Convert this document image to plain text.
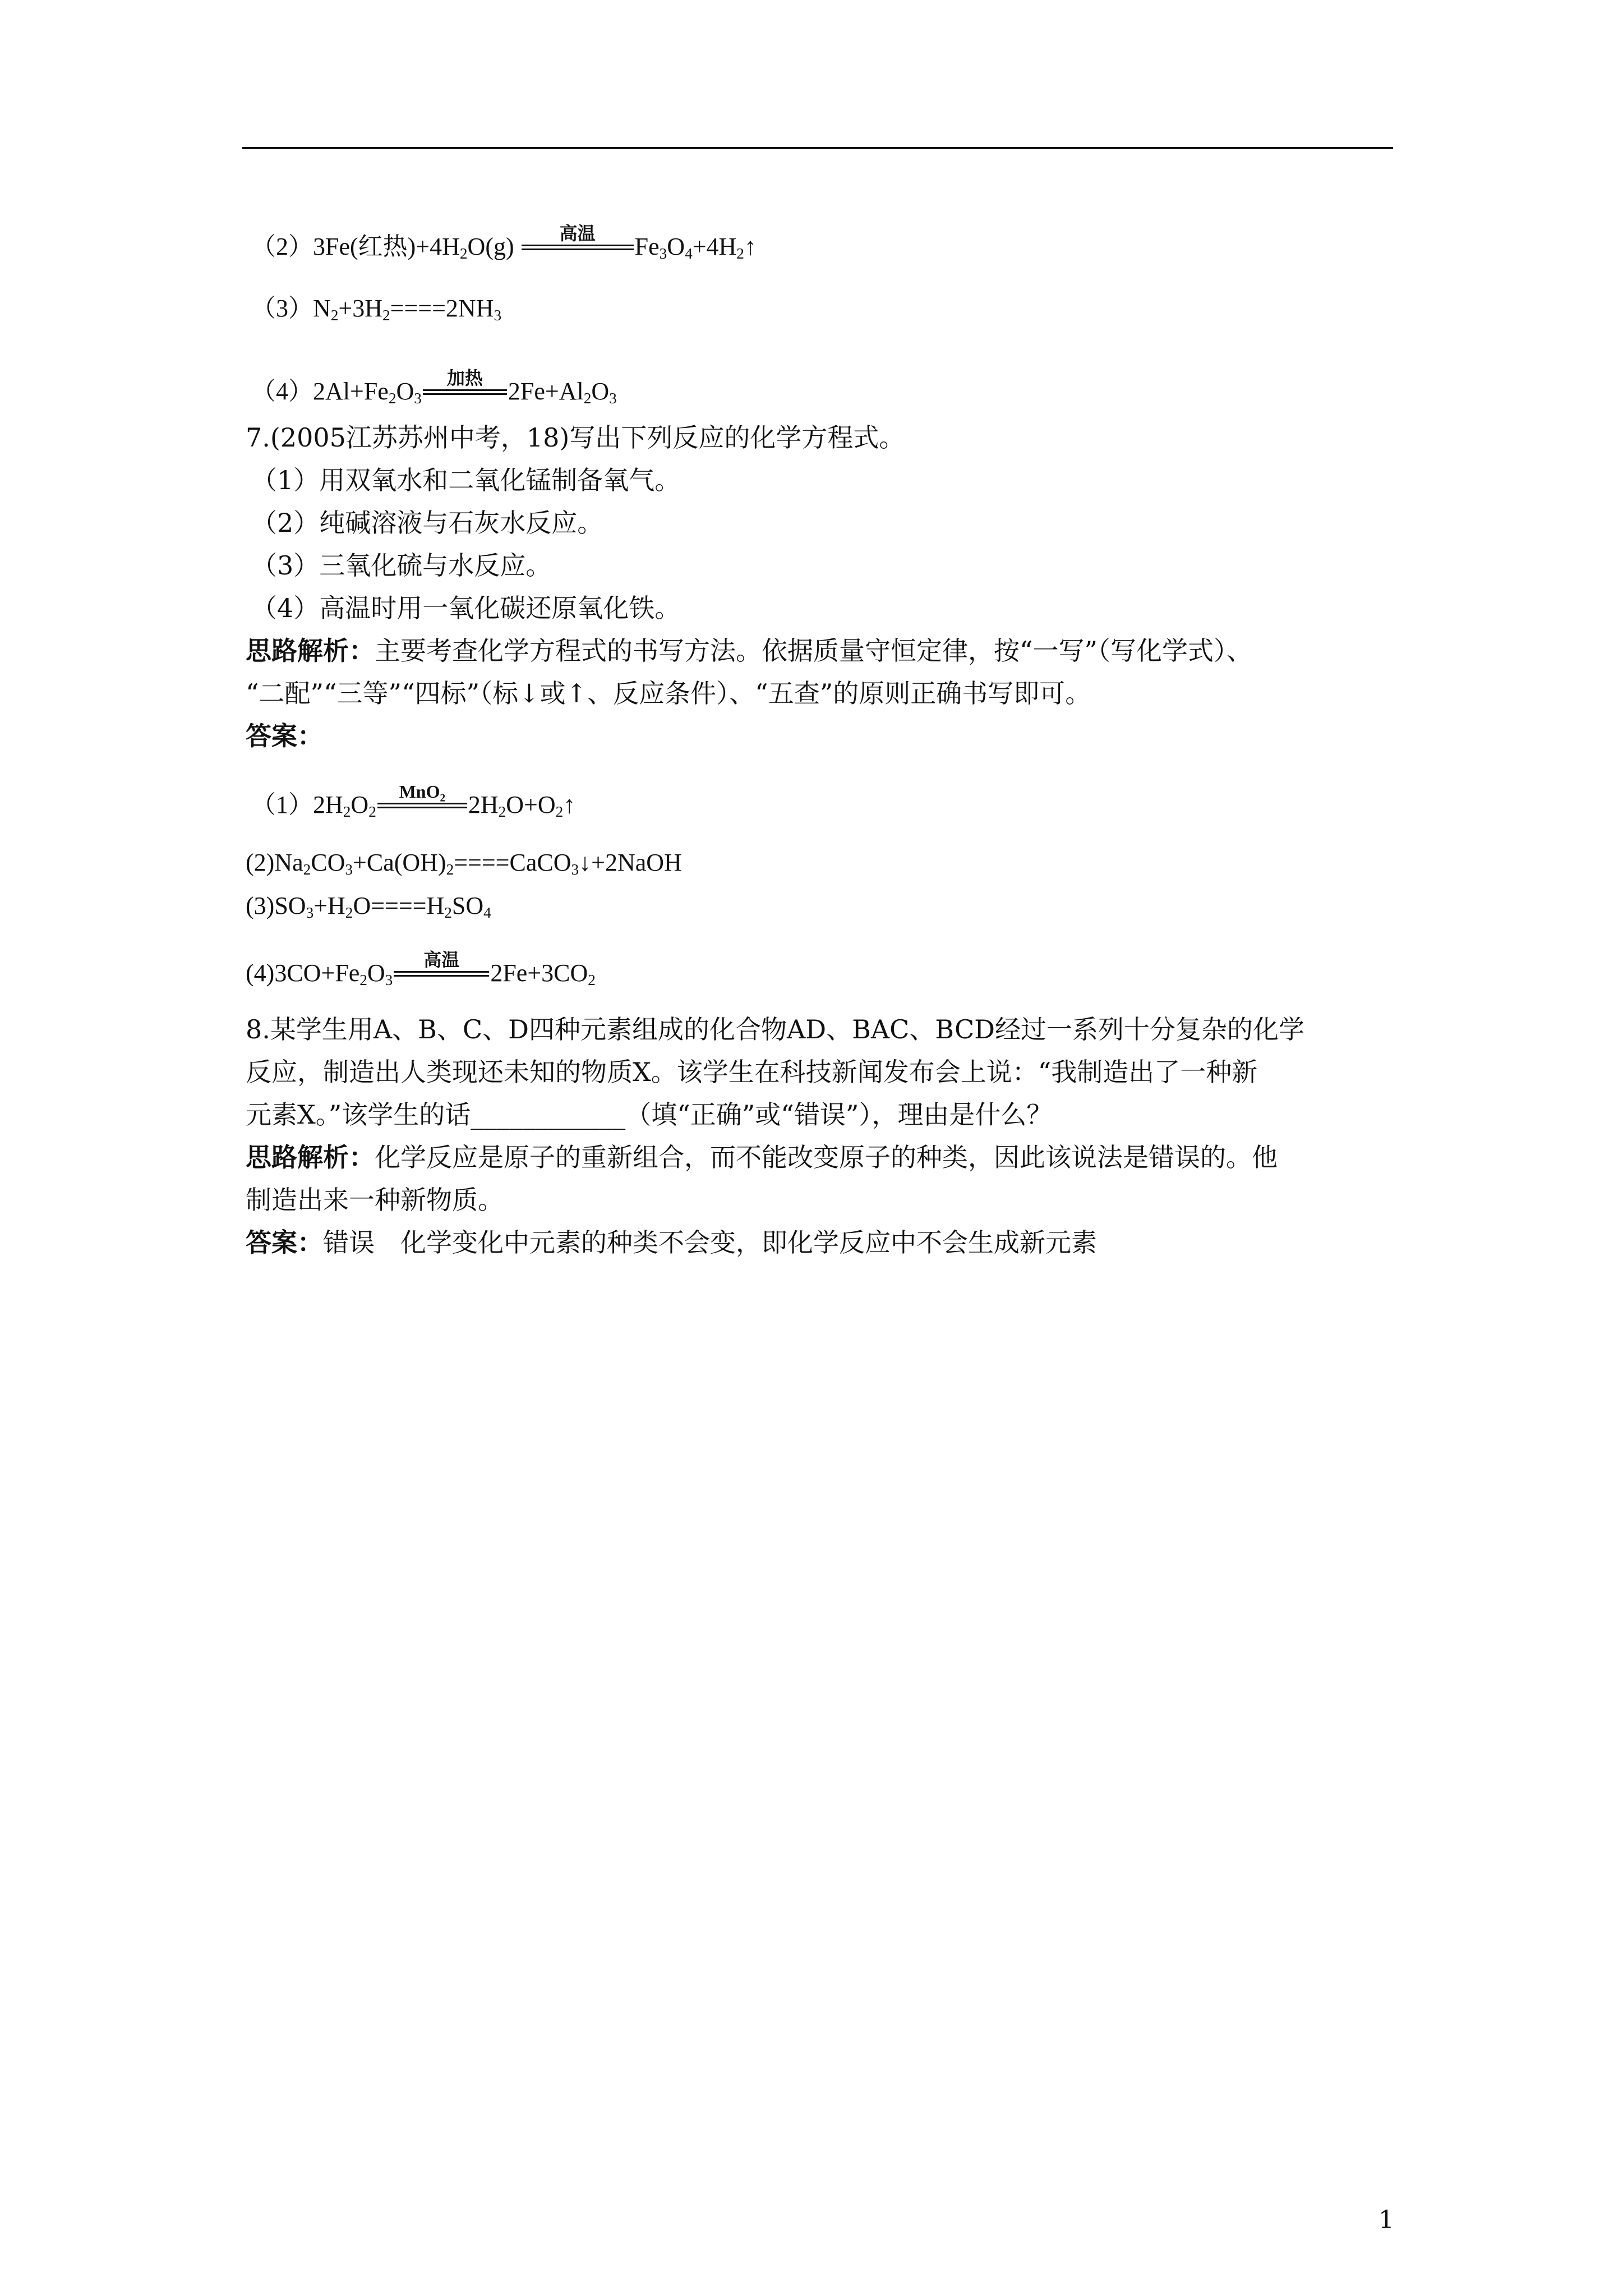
（2）3Fe(红热)$+4H_2O(g)$	高温	$Fe_3O_4+4H_2↑$
$(3)N_2+3H_2====2NH_3$
$(4)2Al+Fe_2O_3$
加热	$2Fe+Al_2O_3$
7.(2005江苏苏州中考，18)写出下列反应的化学方程式。
（1）用双氧水和二氧化锰制备氧气。
（2）纯碱溶液与石灰水反应。
（3）三氧化硫与水反应。
（4）高温时用一氧化碳还原氧化铁。
思路解析：主要考查化学方程式的书写方法。依据质量守恒定律，按“一写”（写化学式）、
“二配”“三等”“四标”（标↓或↑、反应条件）、“五查”的原则正确书写即可。
答案：
$(1)2H_2O_2$
MnO₂ $2H_2O+O_2↑$
$(2)Na_2CO_3+Ca(OH)_2====CaCO_3↓+2NaOH$
$(3)SO_3+H_2O====H_2SO_4$
$(4)3CO+Fe_2O_3$
高温	$2Fe+3CO_2$
8.某学生用A、B、C、D四种元素组成的化合物AD、BAC、BCD经过一系列十分复杂的化学
反应，制造出人类现还未知的物质X。该学生在科技新闻发布会上说：“我制造出了一种新
元素X。”该学生的话____________（填“正确”或“错误”），理由是什么？
思路解析：化学反应是原子的重新组合，而不能改变原子的种类，因此该说法是错误的。他
制造出来一种新物质。
答案：错误　化学变化中元素的种类不会变，即化学反应中不会生成新元素
1
